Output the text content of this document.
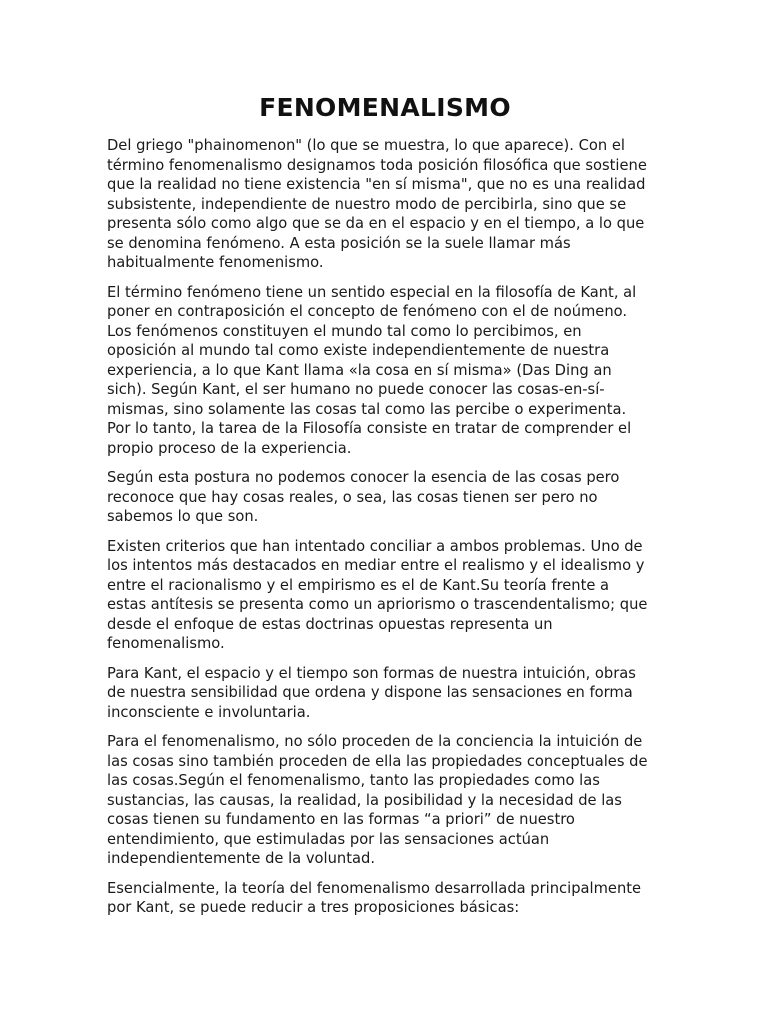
FENOMENALISMO

Del griego "phainomenon" (lo que se muestra, lo que aparece). Con el
término fenomenalismo designamos toda posición filosófica que sostiene
que la realidad no tiene existencia "en sí misma", que no es una realidad
subsistente, independiente de nuestro modo de percibirla, sino que se
presenta sólo como algo que se da en el espacio y en el tiempo, a lo que
se denomina fenómeno. A esta posición se la suele llamar más
habitualmente fenomenismo.

El término fenómeno tiene un sentido especial en la filosofía de Kant, al
poner en contraposición el concepto de fenómeno con el de noúmeno.
Los fenómenos constituyen el mundo tal como lo percibimos, en
oposición al mundo tal como existe independientemente de nuestra
experiencia, a lo que Kant llama «la cosa en sí misma» (Das Ding an
sich). Según Kant, el ser humano no puede conocer las cosas-en-sí-
mismas, sino solamente las cosas tal como las percibe o experimenta.
Por lo tanto, la tarea de la Filosofía consiste en tratar de comprender el
propio proceso de la experiencia.

Según esta postura no podemos conocer la esencia de las cosas pero
reconoce que hay cosas reales, o sea, las cosas tienen ser pero no
sabemos lo que son.

Existen criterios que han intentado conciliar a ambos problemas. Uno de
los intentos más destacados en mediar entre el realismo y el idealismo y
entre el racionalismo y el empirismo es el de Kant.Su teoría frente a
estas antítesis se presenta como un apriorismo o trascendentalismo; que
desde el enfoque de estas doctrinas opuestas representa un
fenomenalismo.

Para Kant, el espacio y el tiempo son formas de nuestra intuición, obras
de nuestra sensibilidad que ordena y dispone las sensaciones en forma
inconsciente e involuntaria.

Para el fenomenalismo, no sólo proceden de la conciencia la intuición de
las cosas sino también proceden de ella las propiedades conceptuales de
las cosas.Según el fenomenalismo, tanto las propiedades como las
sustancias, las causas, la realidad, la posibilidad y la necesidad de las
cosas tienen su fundamento en las formas “a priori” de nuestro
entendimiento, que estimuladas por las sensaciones actúan
independientemente de la voluntad.

Esencialmente, la teoría del fenomenalismo desarrollada principalmente
por Kant, se puede reducir a tres proposiciones básicas:
